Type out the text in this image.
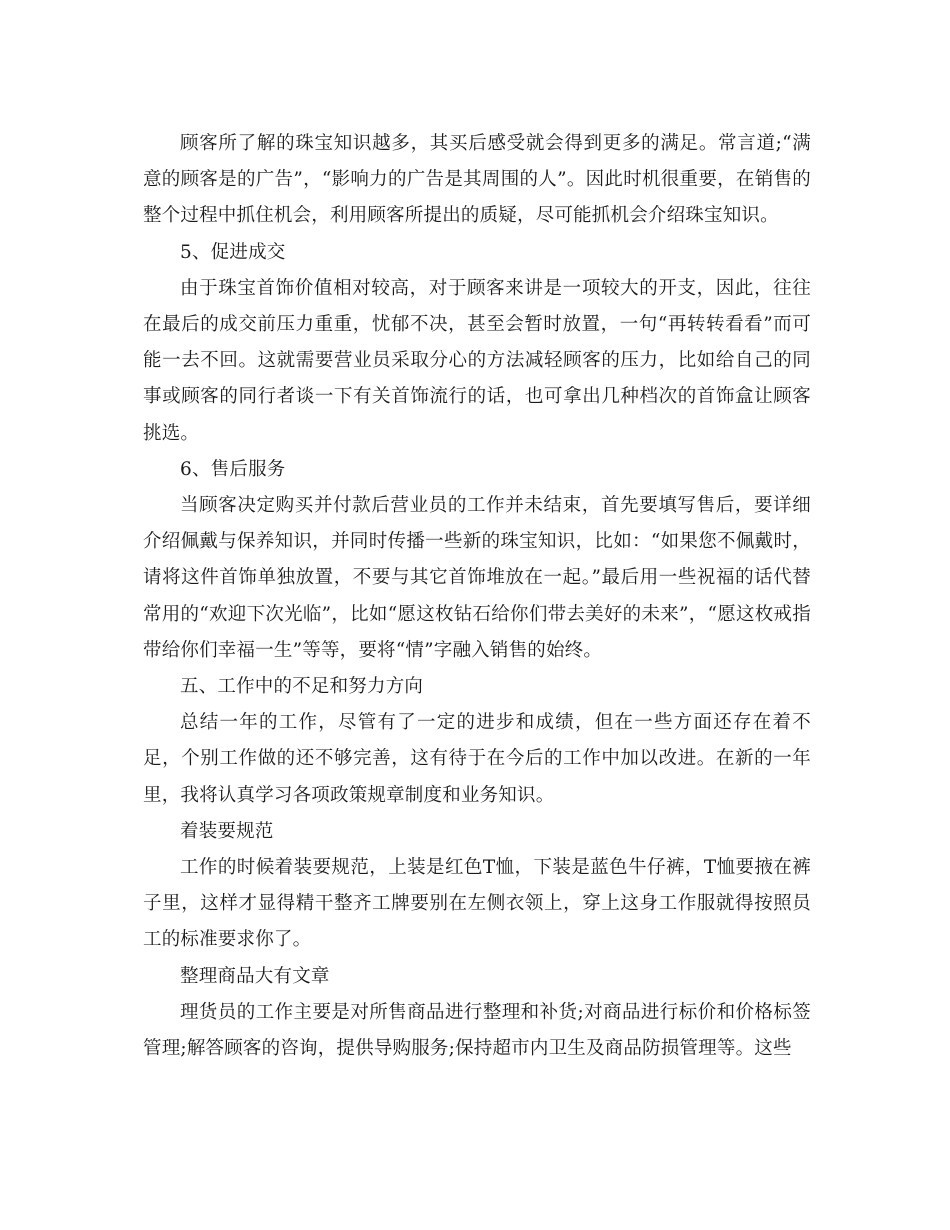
顾客所了解的珠宝知识越多，其买后感受就会得到更多的满足。常言道;“满意的顾客是的广告”，“影响力的广告是其周围的人”。因此时机很重要，在销售的整个过程中抓住机会，利用顾客所提出的质疑，尽可能抓机会介绍珠宝知识。

5、促进成交

由于珠宝首饰价值相对较高，对于顾客来讲是一项较大的开支，因此，往往在最后的成交前压力重重，忧郁不决，甚至会暂时放置，一句“再转转看看”而可能一去不回。这就需要营业员采取分心的方法减轻顾客的压力，比如给自己的同事或顾客的同行者谈一下有关首饰流行的话，也可拿出几种档次的首饰盒让顾客挑选。

6、售后服务

当顾客决定购买并付款后营业员的工作并未结束，首先要填写售后，要详细介绍佩戴与保养知识，并同时传播一些新的珠宝知识，比如：“如果您不佩戴时，请将这件首饰单独放置，不要与其它首饰堆放在一起。”最后用一些祝福的话代替常用的“欢迎下次光临”，比如“愿这枚钻石给你们带去美好的未来”，“愿这枚戒指带给你们幸福一生”等等，要将“情”字融入销售的始终。

五、工作中的不足和努力方向

总结一年的工作，尽管有了一定的进步和成绩，但在一些方面还存在着不足，个别工作做的还不够完善，这有待于在今后的工作中加以改进。在新的一年里，我将认真学习各项政策规章制度和业务知识。

着装要规范

工作的时候着装要规范，上装是红色T恤，下装是蓝色牛仔裤，T恤要掖在裤子里，这样才显得精干整齐工牌要别在左侧衣领上，穿上这身工作服就得按照员工的标准要求你了。

整理商品大有文章

理货员的工作主要是对所售商品进行整理和补货;对商品进行标价和价格标签管理;解答顾客的咨询，提供导购服务;保持超市内卫生及商品防损管理等。这些
